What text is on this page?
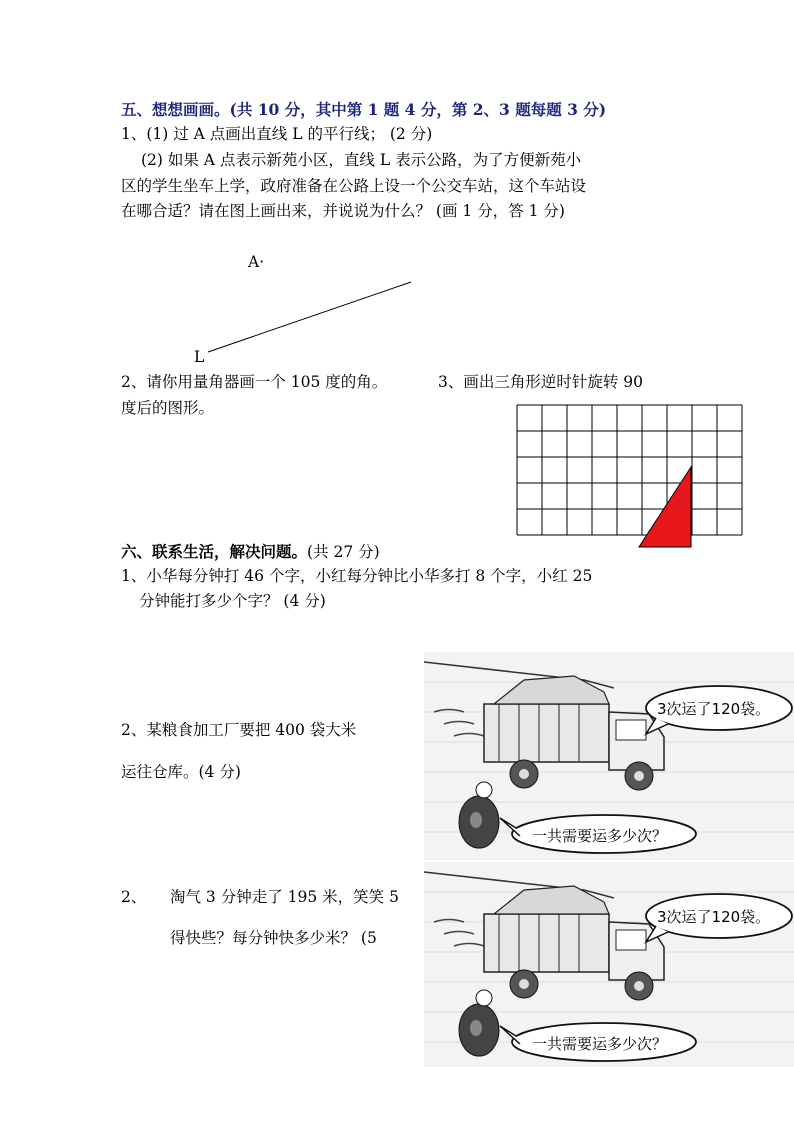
五、想想画画。(共 10 分，其中第 1 题 4 分，第 2、3 题每题 3 分)
1、(1) 过 A 点画出直线 L 的平行线； (2 分)
(2) 如果 A 点表示新苑小区，直线 L 表示公路，为了方便新苑小
区的学生坐车上学，政府准备在公路上设一个公交车站，这个车站设
在哪合适？请在图上画出来，并说说为什么？ (画 1 分，答 1 分)
A·
L
2、请你用量角器画一个 105 度的角。	3、画出三角形逆时针旋转 90
度后的图形。
六、联系生活，解决问题。(共 27 分)
1、小华每分钟打 46 个字，小红每分钟比小华多打 8 个字，小红 25
分钟能打多少个字？ (4 分)
2、某粮食加工厂要把 400 袋大米
运往仓库。(4 分)
2、 淘气 3 分钟走了 195 米，笑笑 5
得快些？每分钟快多少米？ (5
3次运了120袋。
一共需要运多少次？
3次运了120袋。
一共需要运多少次？
